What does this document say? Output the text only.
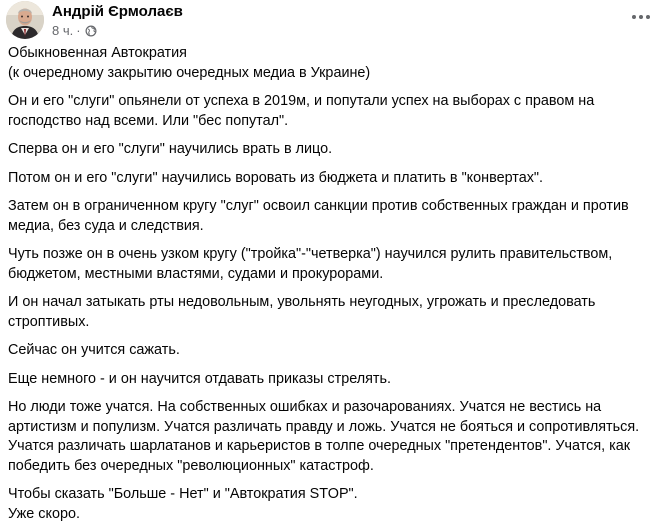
Андрій Єрмолаєв
8 ч. ·

Обыкновенная Автократия
(к очередному закрытию очередных медиа в Украине)

Он и его "слуги" опьянели от успеха в 2019м, и попутали успех на выборах с правом на господство над всеми. Или "бес попутал".

Сперва он и его "слуги" научились врать в лицо.

Потом он и его "слуги" научились воровать из бюджета и платить в "конвертах".

Затем он в ограниченном кругу "слуг" освоил санкции против собственных граждан и против медиа, без суда и следствия.

Чуть позже он в очень узком кругу ("тройка"-"четверка") научился рулить правительством, бюджетом, местными властями, судами и прокурорами.

И он начал затыкать рты недовольным, увольнять неугодных, угрожать и преследовать строптивых.

Сейчас он учится сажать.

Еще немного - и он научится отдавать приказы стрелять.

Но люди тоже учатся. На собственных ошибках и разочарованиях. Учатся не вестись на артистизм и популизм. Учатся различать правду и ложь. Учатся не бояться и сопротивляться. Учатся различать шарлатанов и карьеристов в толпе очередных "претендентов". Учатся, как победить без очередных "революционных" катастроф.

Чтобы сказать "Больше - Нет" и "Автократия STOP".

Уже скоро.
